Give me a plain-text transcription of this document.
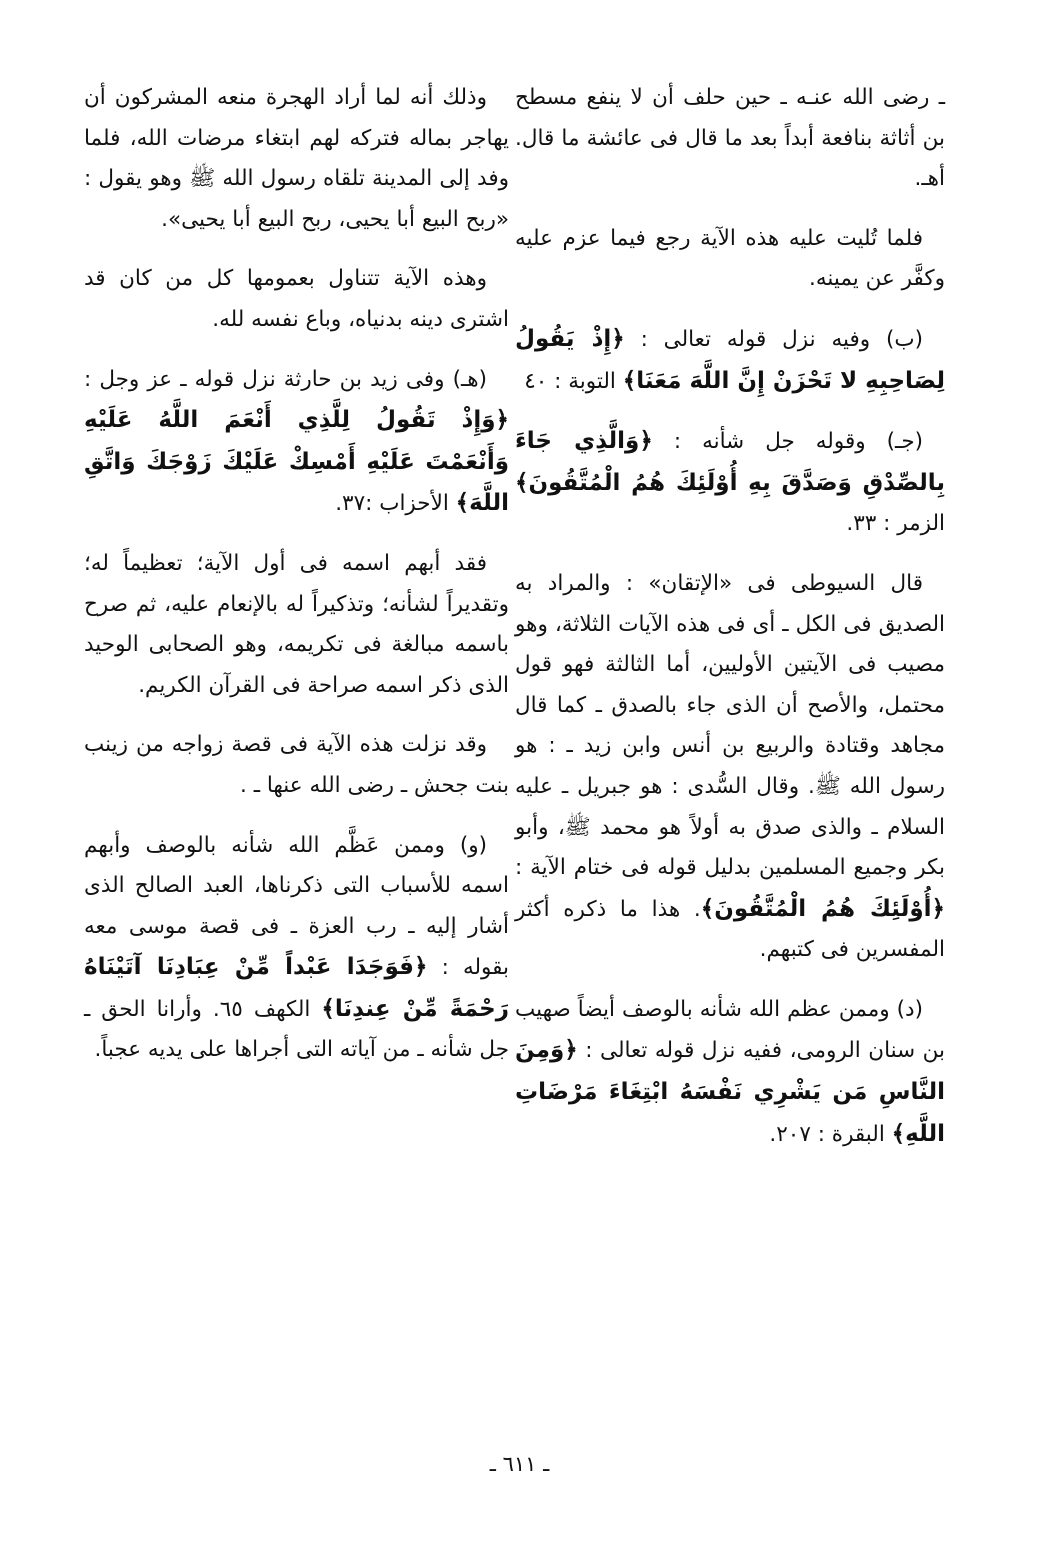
ـ رضى الله عنـه ـ حين حلف أن لا ينفع مسطح بن أثاثة بنافعة أبداً بعد ما قال فى عائشة ما قال. أهـ.

فلما تُليت عليه هذه الآية رجع فيما عزم عليه وكفَّر عن يمينه.

(ب) وفيه نزل قوله تعالى : ﴿إِذْ يَقُولُ لِصَاحِبِهِ لا تَحْزَنْ إِنَّ اللَّهَ مَعَنَا﴾ التوبة : ٤٠

(جـ) وقوله جل شأنه : ﴿وَالَّذِي جَاءَ بِالصِّدْقِ وَصَدَّقَ بِهِ أُوْلَئِكَ هُمُ الْمُتَّقُونَ﴾ الزمر : ٣٣.

قال السيوطى فى «الإتقان» : والمراد به الصديق فى الكل ـ أى فى هذه الآيات الثلاثة، وهو مصيب فى الآيتين الأوليين، أما الثالثة فهو قول محتمل، والأصح أن الذى جاء بالصدق ـ كما قال مجاهد وقتادة والربيع بن أنس وابن زيد ـ : هو رسول الله ﷺ. وقال السُّدى : هو جبريل ـ عليه السلام ـ والذى صدق به أولاً هو محمد ﷺ، وأبو بكر وجميع المسلمين بدليل قوله فى ختام الآية : ﴿أُوْلَئِكَ هُمُ الْمُتَّقُونَ﴾. هذا ما ذكره أكثر المفسرين فى كتبهم.

(د) وممن عظم الله شأنه بالوصف أيضاً صهيب بن سنان الرومى، ففيه نزل قوله تعالى : ﴿وَمِنَ النَّاسِ مَن يَشْرِي نَفْسَهُ ابْتِغَاءَ مَرْضَاتِ اللَّهِ﴾ البقرة : ٢٠٧.

وذلك أنه لما أراد الهجرة منعه المشركون أن يهاجر بماله فتركه لهم ابتغاء مرضات الله، فلما وفد إلى المدينة تلقاه رسول الله ﷺ وهو يقول : «ربح البيع أبا يحيى، ربح البيع أبا يحيى».

وهذه الآية تتناول بعمومها كل من كان قد اشترى دينه بدنياه، وباع نفسه لله.

(هـ) وفى زيد بن حارثة نزل قوله ـ عز وجل : ﴿وَإِذْ تَقُولُ لِلَّذِي أَنْعَمَ اللَّهُ عَلَيْهِ وَأَنْعَمْتَ عَلَيْهِ أَمْسِكْ عَلَيْكَ زَوْجَكَ وَاتَّقِ اللَّهَ﴾ الأحزاب :٣٧.

فقد أبهم اسمه فى أول الآية؛ تعظيماً له؛ وتقديراً لشأنه؛ وتذكيراً له بالإنعام عليه، ثم صرح باسمه مبالغة فى تكريمه، وهو الصحابى الوحيد الذى ذكر اسمه صراحة فى القرآن الكريم.

وقد نزلت هذه الآية فى قصة زواجه من زينب بنت جحش ـ رضى الله عنها ـ .

(و) وممن عَظَّم الله شأنه بالوصف وأبهم اسمه للأسباب التى ذكرناها، العبد الصالح الذى أشار إليه ـ رب العزة ـ فى قصة موسى معه بقوله : ﴿فَوَجَدَا عَبْداً مِّنْ عِبَادِنَا آتَيْنَاهُ رَحْمَةً مِّنْ عِندِنَا﴾ الكهف ٦٥. وأرانا الحق ـ جل شأنه ـ من آياته التى أجراها على يديه عجباً.

ـ ٦١١ ـ
